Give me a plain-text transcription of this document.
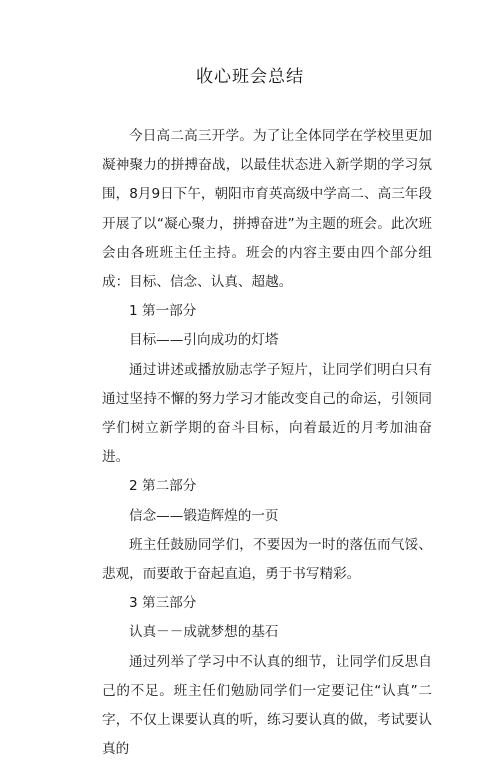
收心班会总结

今日高二高三开学。为了让全体同学在学校里更加凝神聚力的拼搏奋战，以最佳状态进入新学期的学习氛围，8月9日下午，朝阳市育英高级中学高二、高三年段开展了以“凝心聚力，拼搏奋进”为主题的班会。此次班会由各班班主任主持。班会的内容主要由四个部分组成：目标、信念、认真、超越。

1 第一部分

目标——引向成功的灯塔

通过讲述或播放励志学子短片，让同学们明白只有通过坚持不懈的努力学习才能改变自己的命运，引领同学们树立新学期的奋斗目标，向着最近的月考加油奋进。

2 第二部分

信念——锻造辉煌的一页

班主任鼓励同学们，不要因为一时的落伍而气馁、悲观，而要敢于奋起直追，勇于书写精彩。

3 第三部分

认真－－成就梦想的基石

通过列举了学习中不认真的细节，让同学们反思自己的不足。班主任们勉励同学们一定要记住“认真”二字，不仅上课要认真的听，练习要认真的做，考试要认真的
